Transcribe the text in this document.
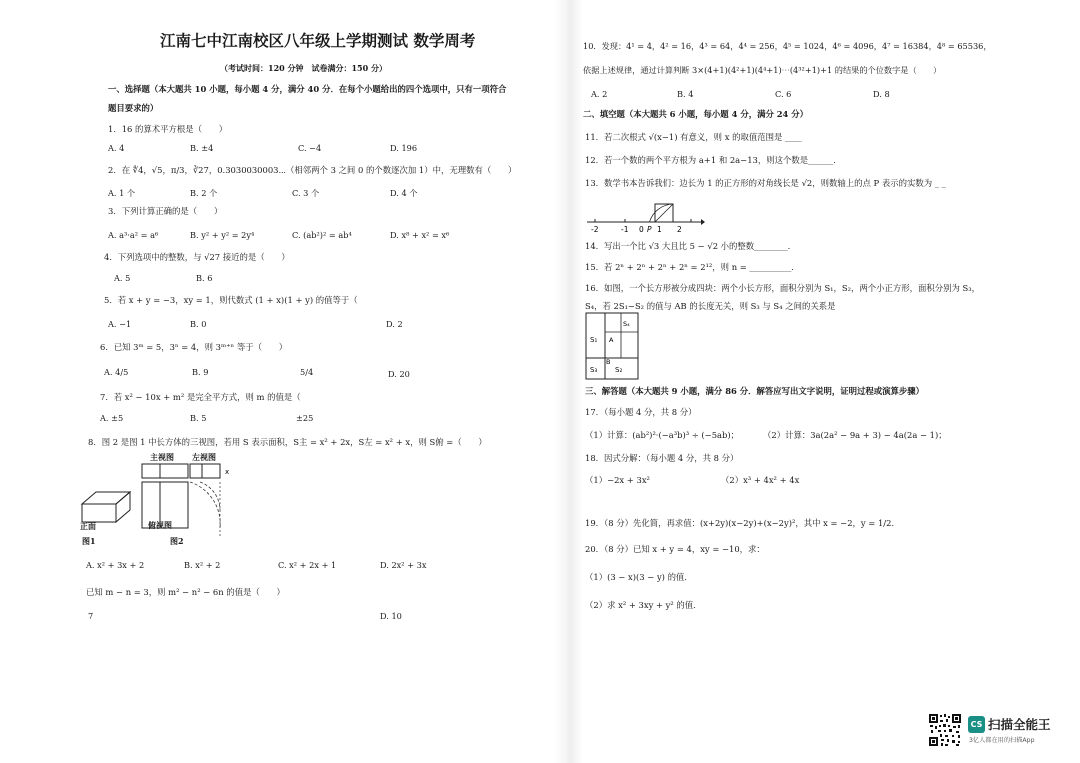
江南七中江南校区八年级上学期测试 数学周考
（考试时间：120 分钟　试卷满分：150 分）
一、选择题（本大题共 10 小题，每小题 4 分，满分 40 分．在每个小题给出的四个选项中，只有一项符合
题目要求的）
1．16 的算术平方根是（　　）
A. 4	B. ±4	C. −4	D. 196
2．在 ∜4，√5，π/3，∛27，0.3030030003⋯（相邻两个 3 之间 0 的个数逐次加 1）中，无理数有（　　）
A. 1 个	B. 2 个	C. 3 个	D. 4 个
3．下列计算正确的是（　　）
A. a³·a² = a⁶	B. y² + y² = 2y⁴	C. (ab²)² = ab⁴	D. x⁸ + x² = x⁶
4．下列选项中的整数，与 √27 接近的是（　　）
A. 5	B. 6
5．若 x + y = −3，xy = 1，则代数式 (1 + x)(1 + y) 的值等于（
A. −1	B. 0	D. 2
6．已知 3ᵐ = 5，3ⁿ = 4，则 3ᵐ⁺ⁿ 等于（　　）
A. 4/5	B. 9	5/4	D. 20
7．若 x² − 10x + m² 是完全平方式，则 m 的值是（
A. ±5	B. 5	±25
8．图 2 是图 1 中长方体的三视图，若用 S 表示面积，S主 = x² + 2x，S左 = x² + x，则 S俯 =（　　）
x
主视图 左视图
俯视图
正面
图1	图2
A. x² + 3x + 2	B. x² + 2	C. x² + 2x + 1	D. 2x² + 3x
已知 m − n = 3，则 m² − n² − 6n 的值是（　　）
7	D. 10
10．发现：4¹ = 4，4² = 16，4³ = 64，4⁴ = 256，4⁵ = 1024，4⁶ = 4096，4⁷ = 16384，4⁸ = 65536，
依据上述规律，通过计算判断 3×(4+1)(4²+1)(4⁴+1)⋯(4³²+1)+1 的结果的个位数字是（　　）
A. 2	B. 4	C. 6	D. 8
二、填空题（本大题共 6 小题，每小题 4 分，满分 24 分）
11．若二次根式 √(x−1) 有意义，则 x 的取值范围是 ____
12．若一个数的两个平方根为 a+1 和 2a−13，则这个数是______．
13．数学书本告诉我们：边长为 1 的正方形的对角线长是 √2，则数轴上的点 P 表示的实数为 _ _
-2	-1 0 P 1 2
14．写出一个比 √3 大且比 5 − √2 小的整数________．
15．若 2ⁿ + 2ⁿ + 2ⁿ + 2ⁿ = 2¹²，则 n = __________．
16．如图，一个长方形被分成四块：两个小长方形，面积分别为 S₁，S₂，两个小正方形，面积分别为 S₃，
S₄，若 2S₁−S₂ 的值与 AB 的长度无关，则 S₃ 与 S₄ 之间的关系是
S₁ A
B
S₃	S₂
S₄
三、解答题（本大题共 9 小题，满分 86 分．解答应写出文字说明，证明过程或演算步骤）
17．（每小题 4 分，共 8 分）
（1）计算：(ab²)²·(−a³b)³ ÷ (−5ab)；	（2）计算：3a(2a² − 9a + 3) − 4a(2a − 1)；
18．因式分解：（每小题 4 分，共 8 分）
（1）−2x + 3x²	（2）x³ + 4x² + 4x
19．（8 分）先化简，再求值：(x+2y)(x−2y)+(x−2y)²，其中 x = −2，y = 1/2．
20．（8 分）已知 x + y = 4，xy = −10，求：
（1）(3 − x)(3 − y) 的值．
（2）求 x² + 3xy + y² 的值．
CS 扫描全能王
3亿人都在用的扫描App
